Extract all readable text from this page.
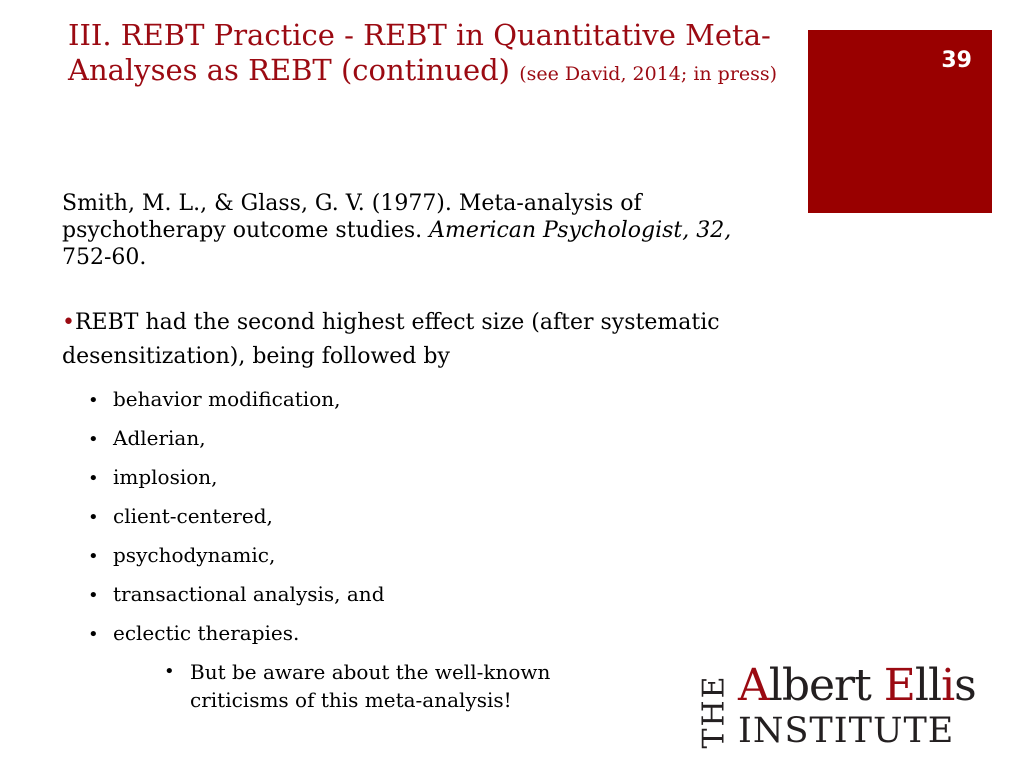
III. REBT Practice - REBT in Quantitative Meta-Analyses as REBT (continued) (see David, 2014; in press)
39
Smith, M. L., & Glass, G. V. (1977). Meta-analysis of psychotherapy outcome studies. American Psychologist, 32, 752-60.
•REBT had the second highest effect size (after systematic desensitization), being followed by
• behavior modification,
• Adlerian,
• implosion,
• client-centered,
• psychodynamic,
• transactional analysis, and
• eclectic therapies.
• But be aware about the well-known criticisms of this meta-analysis!	THE Albert Ellis
INSTITUTE
